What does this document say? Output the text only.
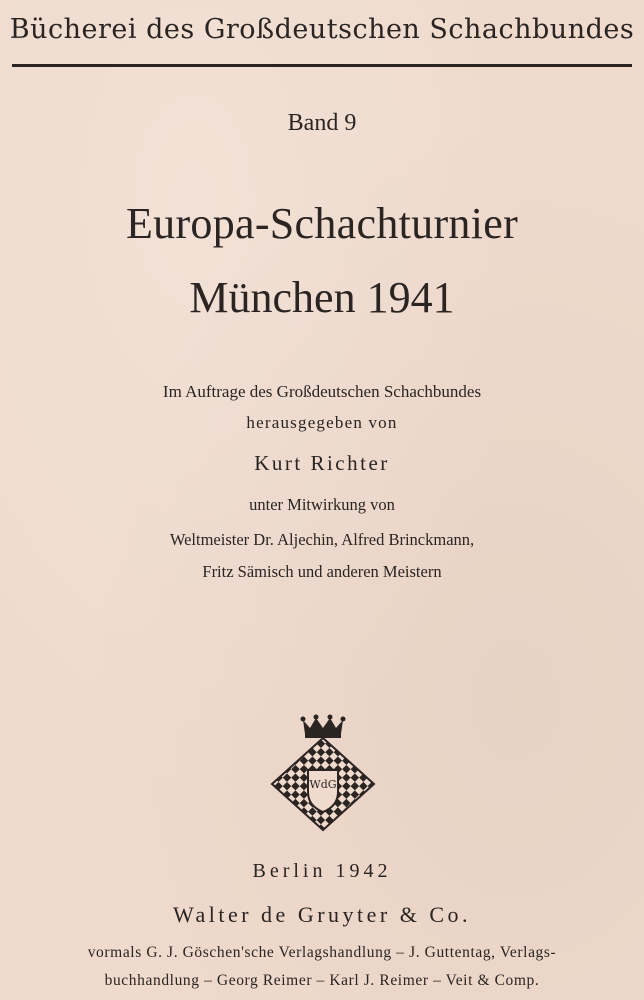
Bücherei des Großdeutschen Schachbundes
Band 9
Europa-Schachturnier
München 1941
Im Auftrage des Großdeutschen Schachbundes
herausgegeben von
Kurt Richter
unter Mitwirkung von
Weltmeister Dr. Aljechin, Alfred Brinckmann,
Fritz Sämisch und anderen Meistern
WdG
Berlin 1942
Walter de Gruyter & Co.
vormals G. J. Göschen'sche Verlagshandlung – J. Guttentag, Verlags-
buchhandlung – Georg Reimer – Karl J. Reimer – Veit & Comp.
